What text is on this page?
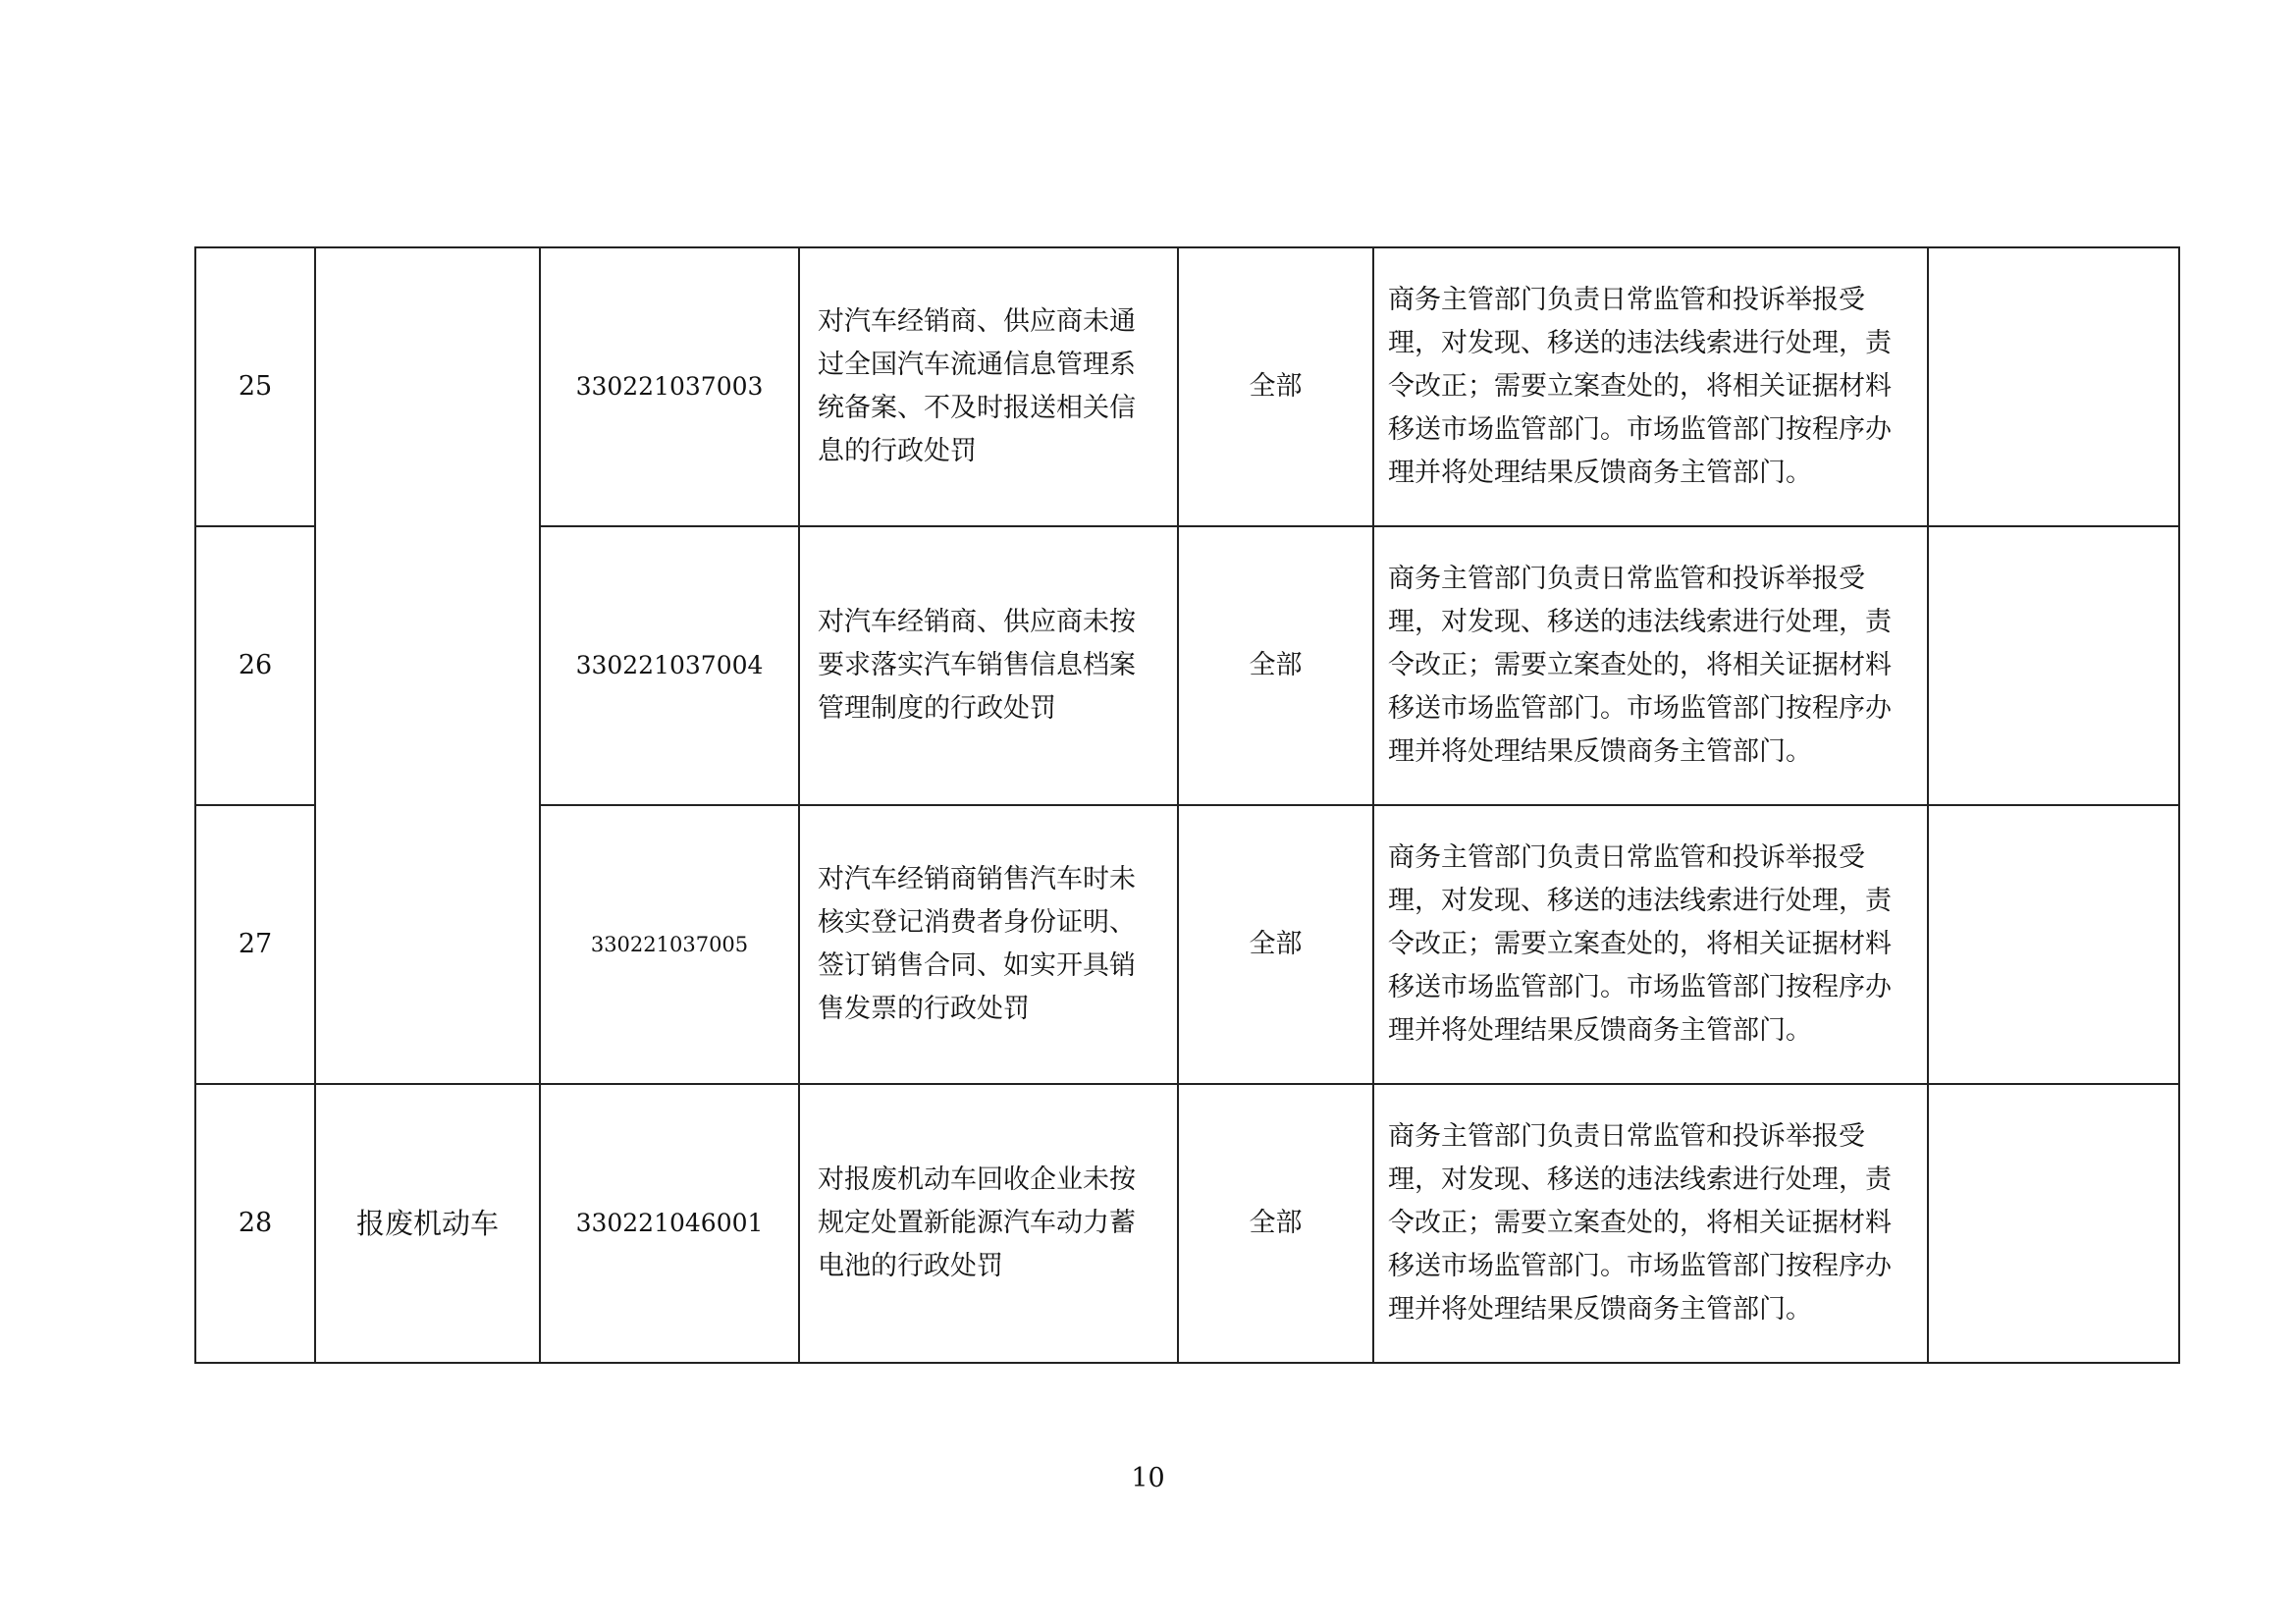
25		330221037003	对汽车经销商、供应商未通过全国汽车流通信息管理系统备案、不及时报送相关信息的行政处罚	全部	商务主管部门负责日常监管和投诉举报受理，对发现、移送的违法线索进行处理，责令改正；需要立案查处的，将相关证据材料移送市场监管部门。市场监管部门按程序办理并将处理结果反馈商务主管部门。	

26		330221037004	对汽车经销商、供应商未按要求落实汽车销售信息档案管理制度的行政处罚	全部	商务主管部门负责日常监管和投诉举报受理，对发现、移送的违法线索进行处理，责令改正；需要立案查处的，将相关证据材料移送市场监管部门。市场监管部门按程序办理并将处理结果反馈商务主管部门。	

27		330221037005	对汽车经销商销售汽车时未核实登记消费者身份证明、签订销售合同、如实开具销售发票的行政处罚	全部	商务主管部门负责日常监管和投诉举报受理，对发现、移送的违法线索进行处理，责令改正；需要立案查处的，将相关证据材料移送市场监管部门。市场监管部门按程序办理并将处理结果反馈商务主管部门。	

28	报废机动车	330221046001	对报废机动车回收企业未按规定处置新能源汽车动力蓄电池的行政处罚	全部	商务主管部门负责日常监管和投诉举报受理，对发现、移送的违法线索进行处理，责令改正；需要立案查处的，将相关证据材料移送市场监管部门。市场监管部门按程序办理并将处理结果反馈商务主管部门。	

10
